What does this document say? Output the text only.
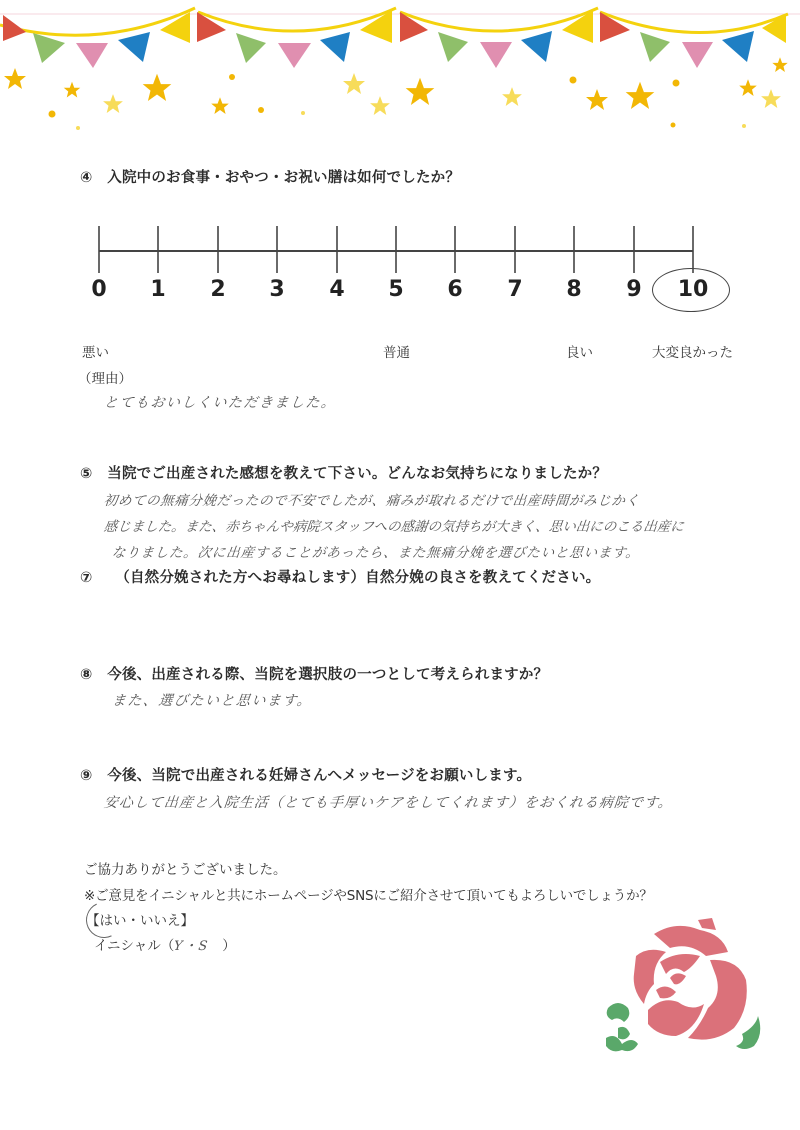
④ 入院中のお食事・おやつ・お祝い膳は如何でしたか？
0	1	2	3	4	5	6	7	8	9	10
悪い	普通	良い	大変良かった
（理由）
とてもおいしくいただきました。
⑤ 当院でご出産された感想を教えて下さい。どんなお気持ちになりましたか？
初めての無痛分娩だったので不安でしたが、痛みが取れるだけで出産時間がみじかく
感じました。また、赤ちゃんや病院スタッフへの感謝の気持ちが大きく、思い出にのこる出産に
なりました。次に出産することがあったら、また無痛分娩を選びたいと思います。
⑦ （自然分娩された方へお尋ねします）自然分娩の良さを教えてください。
⑧ 今後、出産される際、当院を選択肢の一つとして考えられますか？
また、選びたいと思います。
⑨ 今後、当院で出産される妊婦さんへメッセージをお願いします。
安心して出産と入院生活（とても手厚いケアをしてくれます）をおくれる病院です。
ご協力ありがとうございました。
※ご意見をイニシャルと共にホームページやSNSにご紹介させて頂いてもよろしいでしょうか？
【はい・いいえ】
イニシャル（Y・S ）
